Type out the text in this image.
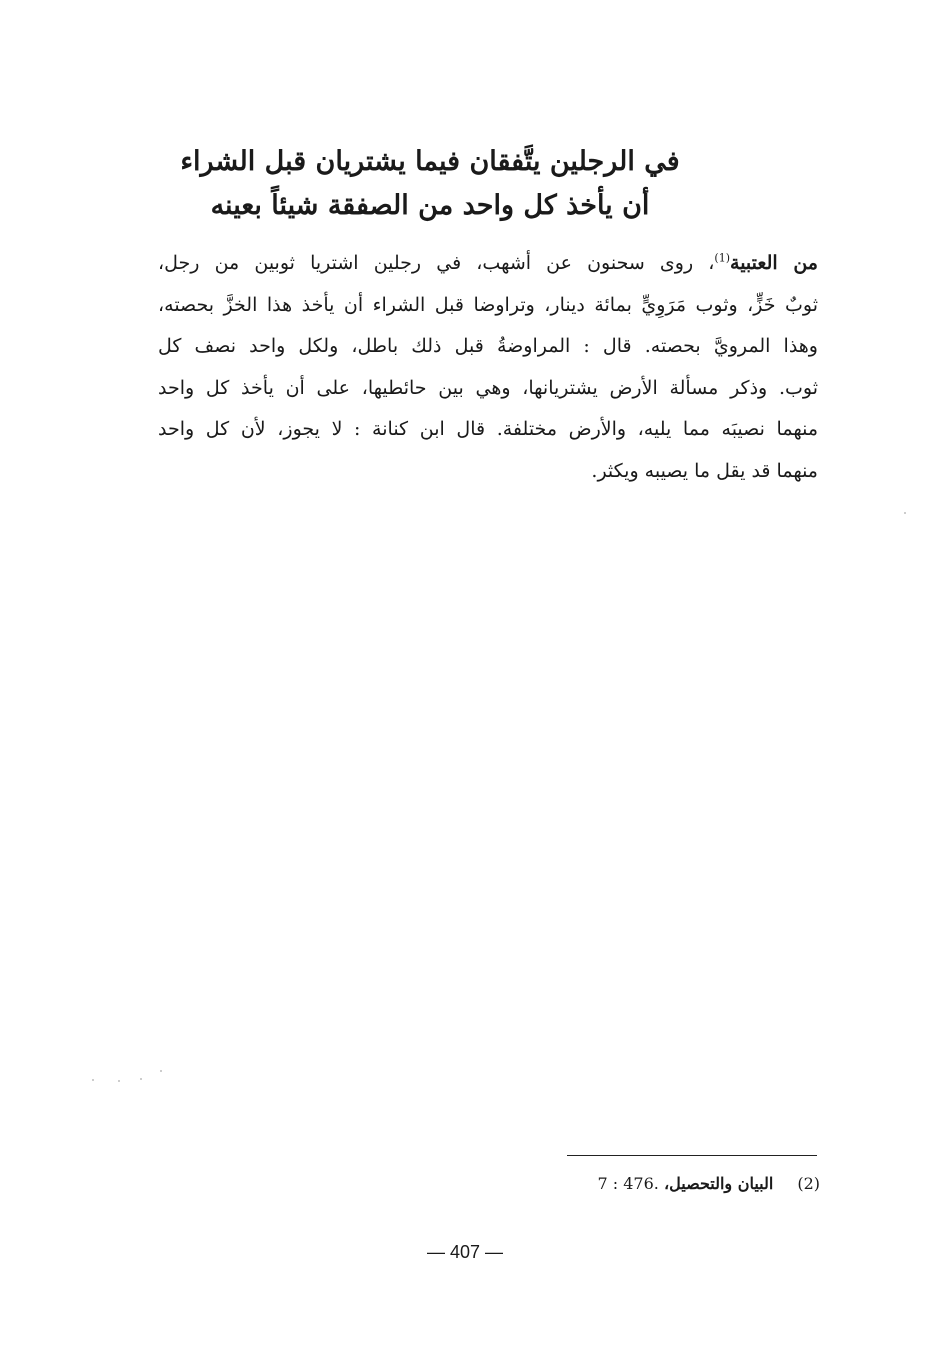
في الرجلين يتَّفقان فيما يشتريان قبل الشراء
أن يأخذ كل واحد من الصفقة شيئاً بعينه
من العتبية$^{(1)}$، روى سحنون عن أشهب، في رجلين اشتريا ثوبين من رجل،
ثوبٌ خَزٍّ، وثوب مَرَوِيٍّ بمائة دينار، وتراوضا قبل الشراء أن يأخذ هذا الخزَّ بحصته،
وهذا المرويَّ بحصته. قال : المراوضةُ قبل ذلك باطل، ولكل واحد نصف كل
ثوب. وذكر مسألة الأرض يشتريانها، وهي بين حائطيها، على أن يأخذ كل واحد
منهما نصيبَه مما يليه، والأرض مختلفة. قال ابن كنانة : لا يجوز، لأن كل واحد
منهما قد يقل ما يصيبه ويكثر.
(2)البيان والتحصيل، 7 : 476.
— 407 —
